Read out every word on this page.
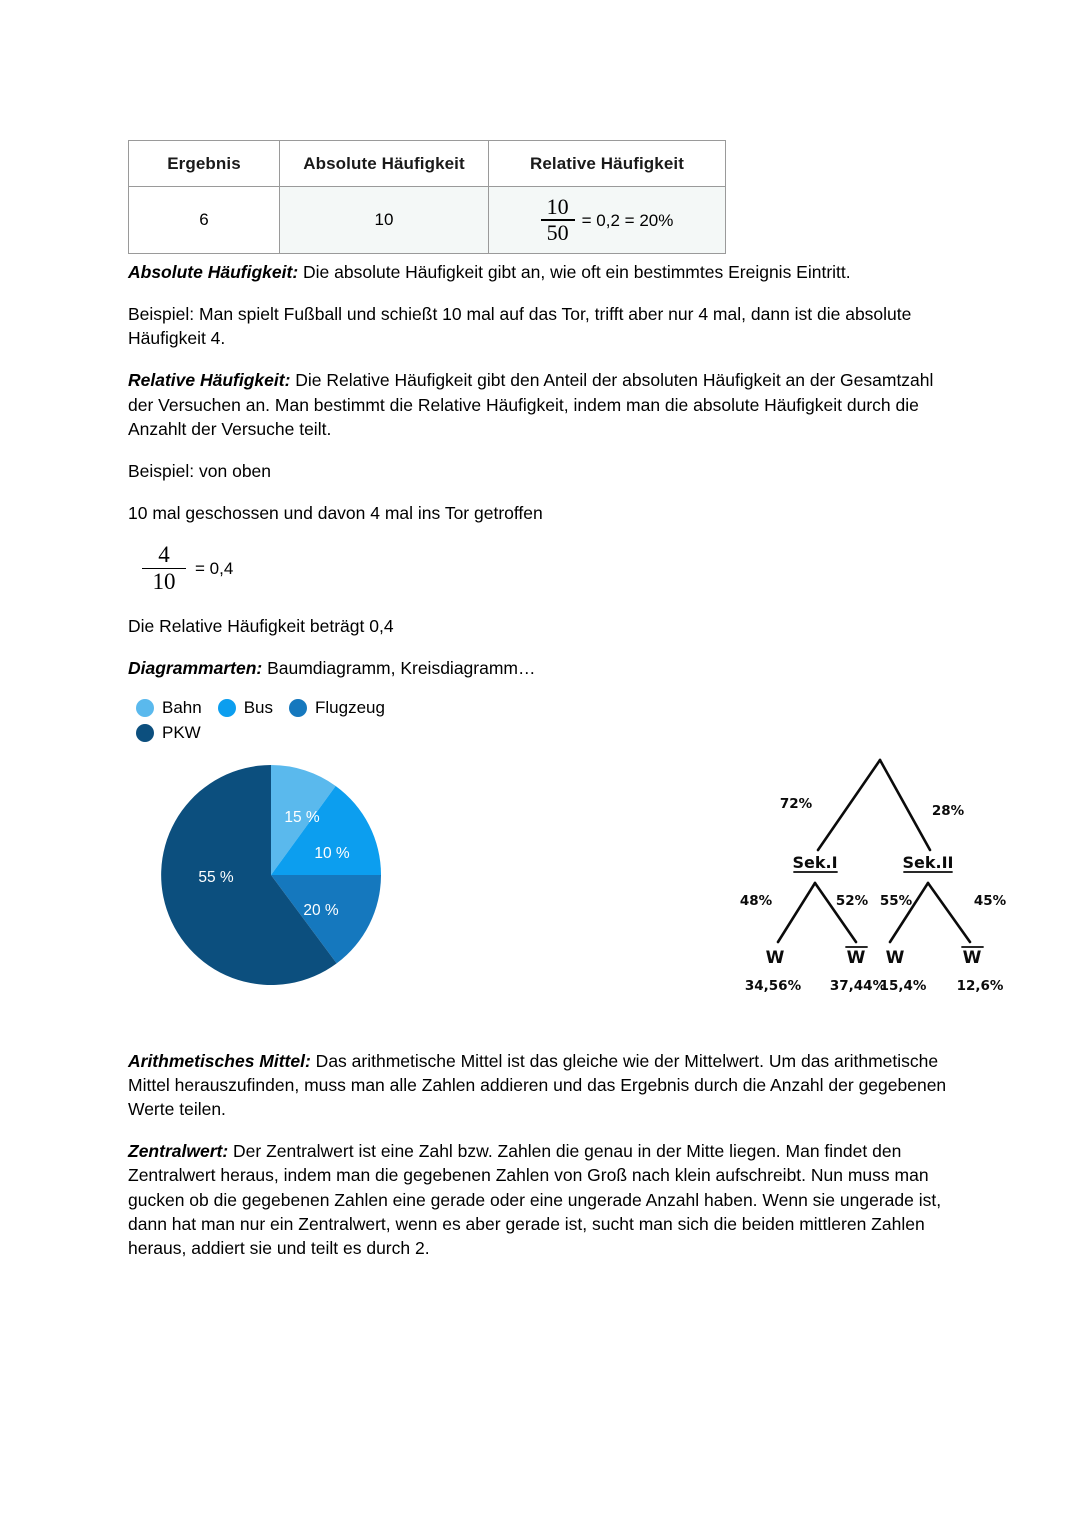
Ergebnis	Absolute Häufigkeit	Relative Häufigkeit
6	10	$\frac{10}{50} = 0,2 = 20\%$

Absolute Häufigkeit: Die absolute Häufigkeit gibt an, wie oft ein bestimmtes Ereignis Eintritt.

Beispiel: Man spielt Fußball und schießt 10 mal auf das Tor, trifft aber nur 4 mal, dann ist die absolute Häufigkeit 4.

Relative Häufigkeit: Die Relative Häufigkeit gibt den Anteil der absoluten Häufigkeit an der Gesamtzahl der Versuchen an. Man bestimmt die Relative Häufigkeit, indem man die absolute Häufigkeit durch die Anzahlt der Versuche teilt.

Beispiel: von oben

10 mal geschossen und davon 4 mal ins Tor getroffen

$\frac{4}{10} = 0,4$

Die Relative Häufigkeit beträgt 0,4

Diagrammarten: Baumdiagramm, Kreisdiagramm…

Bahn Bus Flugzeug
PKW
15 %
10 %
20 %
55 %
72%	28%
Sek.I	Sek.II
48%	52% 55%	45%
W	W W	W
34,56% 37,44%
15,4% 12,6%

Arithmetisches Mittel: Das arithmetische Mittel ist das gleiche wie der Mittelwert. Um das arithmetische Mittel herauszufinden, muss man alle Zahlen addieren und das Ergebnis durch die Anzahl der gegebenen Werte teilen.

Zentralwert: Der Zentralwert ist eine Zahl bzw. Zahlen die genau in der Mitte liegen. Man findet den Zentralwert heraus, indem man die gegebenen Zahlen von Groß nach klein aufschreibt. Nun muss man gucken ob die gegebenen Zahlen eine gerade oder eine ungerade Anzahl haben. Wenn sie ungerade ist, dann hat man nur ein Zentralwert, wenn es aber gerade ist, sucht man sich die beiden mittleren Zahlen heraus, addiert sie und teilt es durch 2.
